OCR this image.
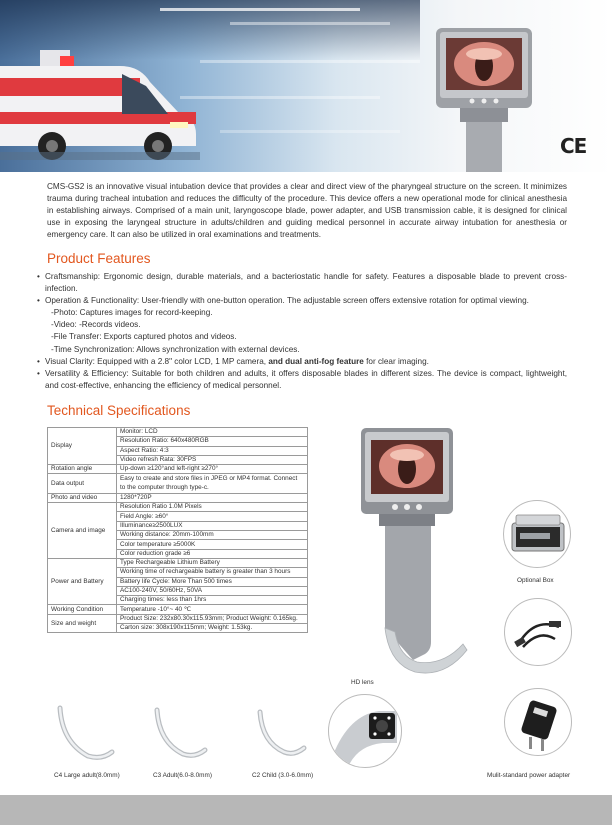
CE

CMS-GS2 is an innovative visual intubation device that provides a clear and direct view of the pharyngeal structure on the screen. It minimizes trauma during tracheal intubation and reduces the difficulty of the procedure. This device offers a new operational mode for clinical anesthesia in establishing airways. Comprised of a main unit, laryngoscope blade, power adapter, and USB transmission cable, it is designed for clinical use in exposing the laryngeal structure in adults/children and guiding medical personnel in accurate airway intubation for anesthesia or emergency care. It can also be utilized in oral examinations and treatments.

Product Features
• Craftsmanship: Ergonomic design, durable materials, and a bacteriostatic handle for safety. Features a disposable blade to prevent cross-infection.
• Operation & Functionality: User-friendly with one-button operation. The adjustable screen offers extensive rotation for optimal viewing.
-Photo: Captures images for record-keeping.
-Video: -Records videos.
-File Transfer: Exports captured photos and videos.
-Time Synchronization: Allows synchronization with external devices.
• Visual Clarity: Equipped with a 2.8" color LCD, 1 MP camera, and dual anti-fog feature for clear imaging.
• Versatility & Efficiency: Suitable for both children and adults, it offers disposable blades in different sizes. The device is compact, lightweight, and cost-effective, enhancing the efficiency of medical personnel.
Technical Specifications
Display	Monitor: LCD
	Resolution Ratio: 640x480RGB
	Aspect Ratio: 4:3
	Video refresh Rata: 30FPS
Rotation angle	Up-down ≥120°and left-right ≥270°
Data output	Easy to create and store files in JPEG or MP4 format. Connect to the computer through type-c.
Photo and video	1280*720P
Camera and image	Resolution Ratio 1.0M Pixels
	Field Angle: ≥60°
	Illuminance≥2500LUX
	Working distance: 20mm-100mm
	Color temperature ≥5000K
	Color reduction grade ≥6
Power and Battery	Type Rechargeable Lithium Battery
	Working time of rechargeable battery is greater than 3 hours
	Battery life Cycle: More Than 500 times
	AC100-240V, 50/60Hz, 50VA
	Charging times: less than 1hrs
Working Condition	Temperature -10°~ 40 ℃
Size and weight	Product Size: 232x80.30x115.93mm; Product Weight: 0.165kg.
	Carton size: 308x190x115mm; Weight: 1.53kg.
HD lens
Optional Box
Mulit-standard power adapter
C4 Large adult(8.0mm)	C3 Adult(6.0-8.0mm)	C2 Child (3.0-6.0mm)
